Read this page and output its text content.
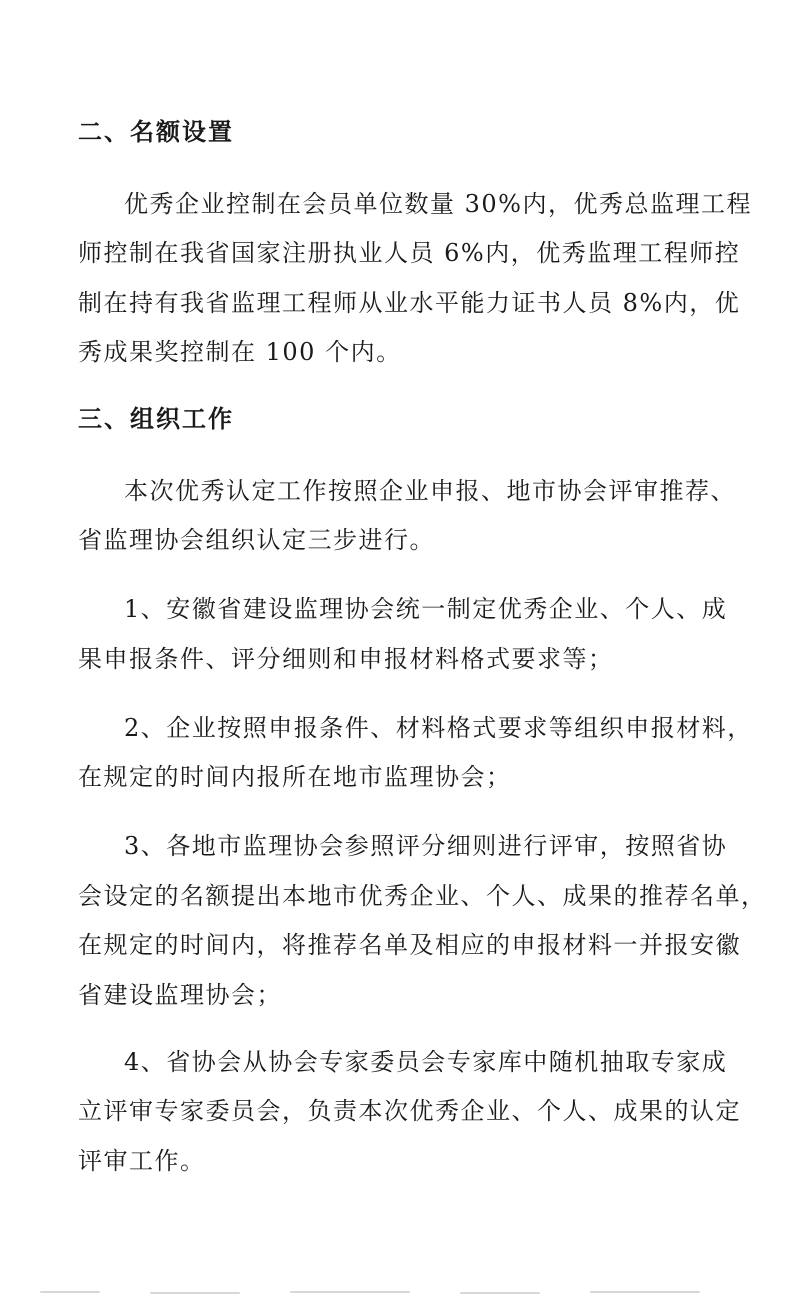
二、名额设置

优秀企业控制在会员单位数量 30%内，优秀总监理工程

师控制在我省国家注册执业人员 6%内，优秀监理工程师控

制在持有我省监理工程师从业水平能力证书人员 8%内，优

秀成果奖控制在 100 个内。

三、组织工作

本次优秀认定工作按照企业申报、地市协会评审推荐、

省监理协会组织认定三步进行。

1、安徽省建设监理协会统一制定优秀企业、个人、成

果申报条件、评分细则和申报材料格式要求等；

2、企业按照申报条件、材料格式要求等组织申报材料，

在规定的时间内报所在地市监理协会；

3、各地市监理协会参照评分细则进行评审，按照省协

会设定的名额提出本地市优秀企业、个人、成果的推荐名单，

在规定的时间内，将推荐名单及相应的申报材料一并报安徽

省建设监理协会；

4、省协会从协会专家委员会专家库中随机抽取专家成

立评审专家委员会，负责本次优秀企业、个人、成果的认定

评审工作。
